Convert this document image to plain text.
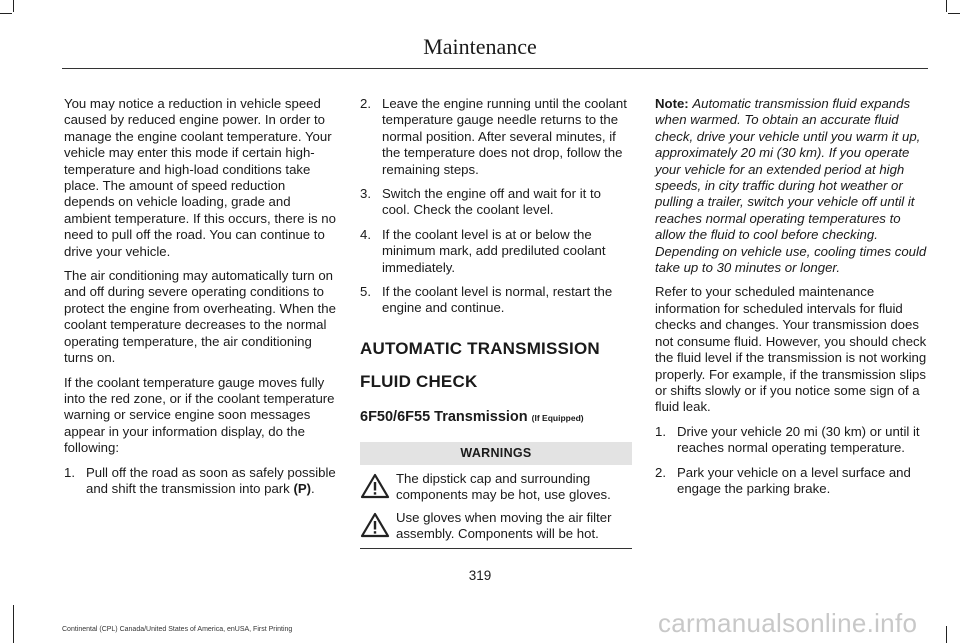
Maintenance

You may notice a reduction in vehicle speed caused by reduced engine power. In order to manage the engine coolant temperature. Your vehicle may enter this mode if certain high-temperature and high-load conditions take place. The amount of speed reduction depends on vehicle loading, grade and ambient temperature. If this occurs, there is no need to pull off the road. You can continue to drive your vehicle.

The air conditioning may automatically turn on and off during severe operating conditions to protect the engine from overheating. When the coolant temperature decreases to the normal operating temperature, the air conditioning turns on.

If the coolant temperature gauge moves fully into the red zone, or if the coolant temperature warning or service engine soon messages appear in your information display, do the following:

1. Pull off the road as soon as safely possible and shift the transmission into park (P).
2. Leave the engine running until the coolant temperature gauge needle returns to the normal position. After several minutes, if the temperature does not drop, follow the remaining steps.
3. Switch the engine off and wait for it to cool. Check the coolant level.
4. If the coolant level is at or below the minimum mark, add prediluted coolant immediately.
5. If the coolant level is normal, restart the engine and continue.
AUTOMATIC TRANSMISSION
FLUID CHECK
6F50/6F55 Transmission (If Equipped)
WARNINGS
The dipstick cap and surrounding components may be hot, use gloves.
Use gloves when moving the air filter assembly. Components will be hot.

Note: Automatic transmission fluid expands when warmed. To obtain an accurate fluid check, drive your vehicle until you warm it up, approximately 20 mi (30 km). If you operate your vehicle for an extended period at high speeds, in city traffic during hot weather or pulling a trailer, switch your vehicle off until it reaches normal operating temperatures to allow the fluid to cool before checking. Depending on vehicle use, cooling times could take up to 30 minutes or longer.

Refer to your scheduled maintenance information for scheduled intervals for fluid checks and changes. Your transmission does not consume fluid. However, you should check the fluid level if the transmission is not working properly. For example, if the transmission slips or shifts slowly or if you notice some sign of a fluid leak.

1. Drive your vehicle 20 mi (30 km) or until it reaches normal operating temperature.
2. Park your vehicle on a level surface and engage the parking brake.
319
Continental (CPL) Canada/United States of America, enUSA, First Printing	carmanualsonline.info
